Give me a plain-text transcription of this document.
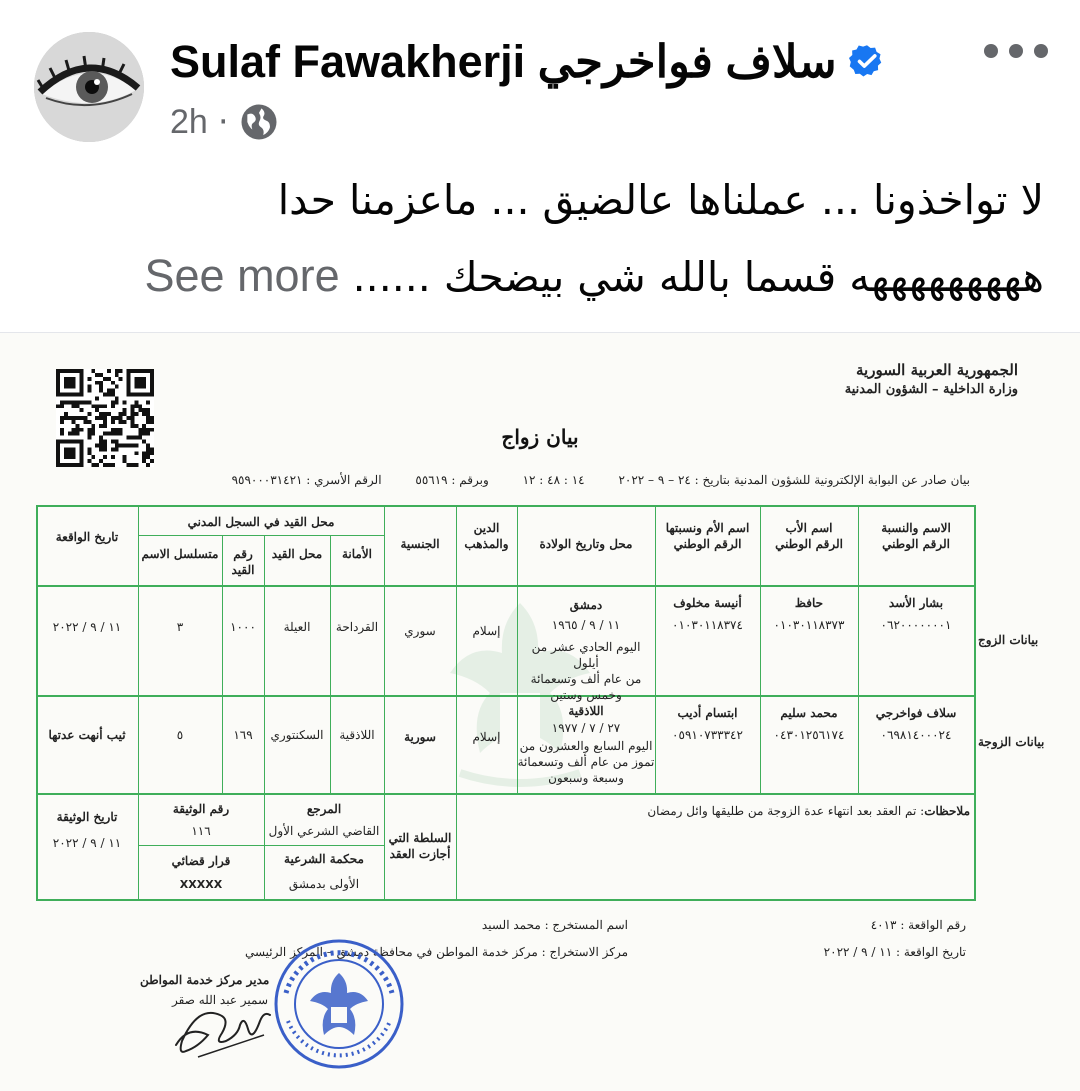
Sulaf Fawakherji سلاف فواخرجي
2h ·
لا تواخذونا ... عملناها عالضيق ... ماعزمنا حدا
هههههههههه قسما بالله شي بيضحك ...... See more
الجمهورية العربية السورية
وزارة الداخلية – الشؤون المدنية
بيان زواج
بيان صادر عن البوابة الإلكترونية للشؤون المدنية بتاريخ : ٢٤ – ٩ – ٢٠٢٢ ١٤ : ٤٨ : ١٢ وبرقم : ٥٥٦١٩ الرقم الأسري : ٩٥٩٠٠٠٣١٤٢١
الاسم والنسبة
الرقم الوطني
اسم الأب
الرقم الوطني
اسم الأم ونسبتها
الرقم الوطني
محل وتاريخ الولادة
الدين
والمذهب
الجنسية
محل القيد في السجل المدني
الأمانة
محل القيد
رقم
القيد
متسلسل الاسم
تاريخ الواقعة
بيانات الزوج
بشار الأسد
٠٦٢٠٠٠٠٠٠٠١
حافظ
٠١٠٣٠١١٨٣٧٣
أنيسة مخلوف
٠١٠٣٠١١٨٣٧٤
دمشق
١١ / ٩ / ١٩٦٥
اليوم الحادي عشر من أيلول
من عام ألف وتسعمائة
وخمس وستين
إسلام
سوري
القرداحة
العيلة
١٠٠٠
٣
١١ / ٩ / ٢٠٢٢
بيانات الزوجة
سلاف فواخرجي
٠٦٩٨١٤٠٠٠٢٤
محمد سليم
٠٤٣٠١٢٥٦١٧٤
ابتسام أديب
٠٥٩١٠٧٣٣٣٤٢
اللاذقية
٢٧ / ٧ / ١٩٧٧
اليوم السابع والعشرون من
تموز من عام ألف وتسعمائة
وسبعة وسبعون
إسلام
سورية
اللاذقية
السكنتوري
١٦٩
٥
ثيب أنهت عدتها
ملاحظات: تم العقد بعد انتهاء عدة الزوجة من طليقها وائل رمضان
السلطة التي
أجازت العقد
المرجع
القاضي الشرعي الأول
رقم الوثيقة
١١٦
تاريخ الوثيقة
١١ / ٩ / ٢٠٢٢
محكمة الشرعية
الأولى بدمشق
قرار قضائي
XXXXX
رقم الواقعة : ٤٠١٣
تاريخ الواقعة : ١١ / ٩ / ٢٠٢٢
اسم المستخرج : محمد السيد
مركز الاستخراج : مركز خدمة المواطن في محافظة دمشق – المركز الرئيسي
مدير مركز خدمة المواطن
سمير عبد الله صقر
